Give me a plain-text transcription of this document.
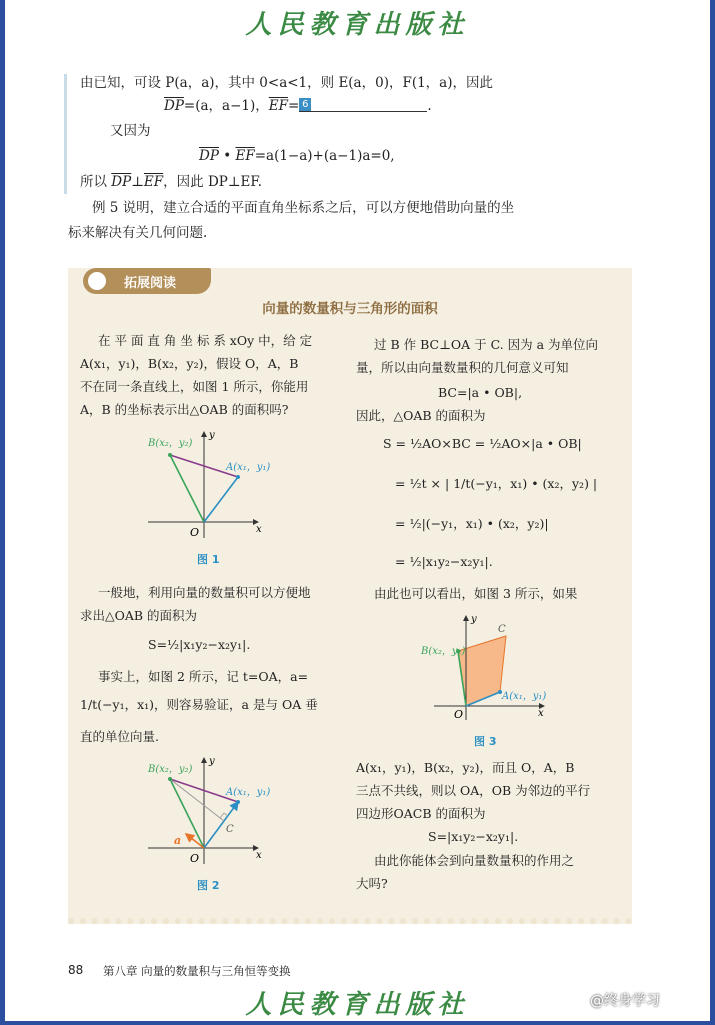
人民教育出版社
由已知，可设 P(a，a)，其中 0<a<1，则 E(a，0)，F(1，a)，因此
$\overline{DP}=(a$，a−1)，$\overline{EF}= 6$	.
又因为
$\overline{DP}$ • $\overline{EF}=a(1-a)+(a-1)a=0$,
所以 $\overline{DP}\perp\overline{EF}$，因此 DP⊥EF.
例 5 说明，建立合适的平面直角坐标系之后，可以方便地借助向量的坐
标来解决有关几何问题.
拓展阅读
向量的数量积与三角形的面积
在 平 面 直 角 坐 标 系 xOy 中，给 定
A(x₁，y₁)，B(x₂，y₂)，假设 O，A，B
不在同一条直线上，如图 1 所示，你能用
A，B 的坐标表示出△OAB 的面积吗?
B(x₂，y₂)
A(x₁，y₁)
O	x
y
图 1
一般地，利用向量的数量积可以方便地
求出△OAB 的面积为
S=½|x₁y₂−x₂y₁|.
事实上，如图 2 所示，记 t=OA，a=
1/t(−y₁，x₁)，则容易验证，a 是与 OA 垂
直的单位向量.
B(x₂，y₂)
A(x₁，y₁)
C
a
O	x
y
图 2
过 B 作 BC⊥OA 于 C. 因为 a 为单位向
量，所以由向量数量积的几何意义可知
BC=|a • OB|,
因此，△OAB 的面积为
S = ½AO×BC = ½AO×|a • OB|
= ½t × | 1/t(−y₁，x₁) • (x₂，y₂) |
= ½|(−y₁，x₁) • (x₂，y₂)|
= ½|x₁y₂−x₂y₁|.
由此也可以看出，如图 3 所示，如果
B(x₂，y₂)
A(x₁，y₁)
C
O	x
y
图 3
A(x₁，y₁)，B(x₂，y₂)，而且 O，A，B
三点不共线，则以 OA，OB 为邻边的平行
四边形OACB 的面积为
S=|x₁y₂−x₂y₁|.
由此你能体会到向量数量积的作用之
大吗?
88 第八章 向量的数量积与三角恒等变换
人民教育出版社	@终身学习
